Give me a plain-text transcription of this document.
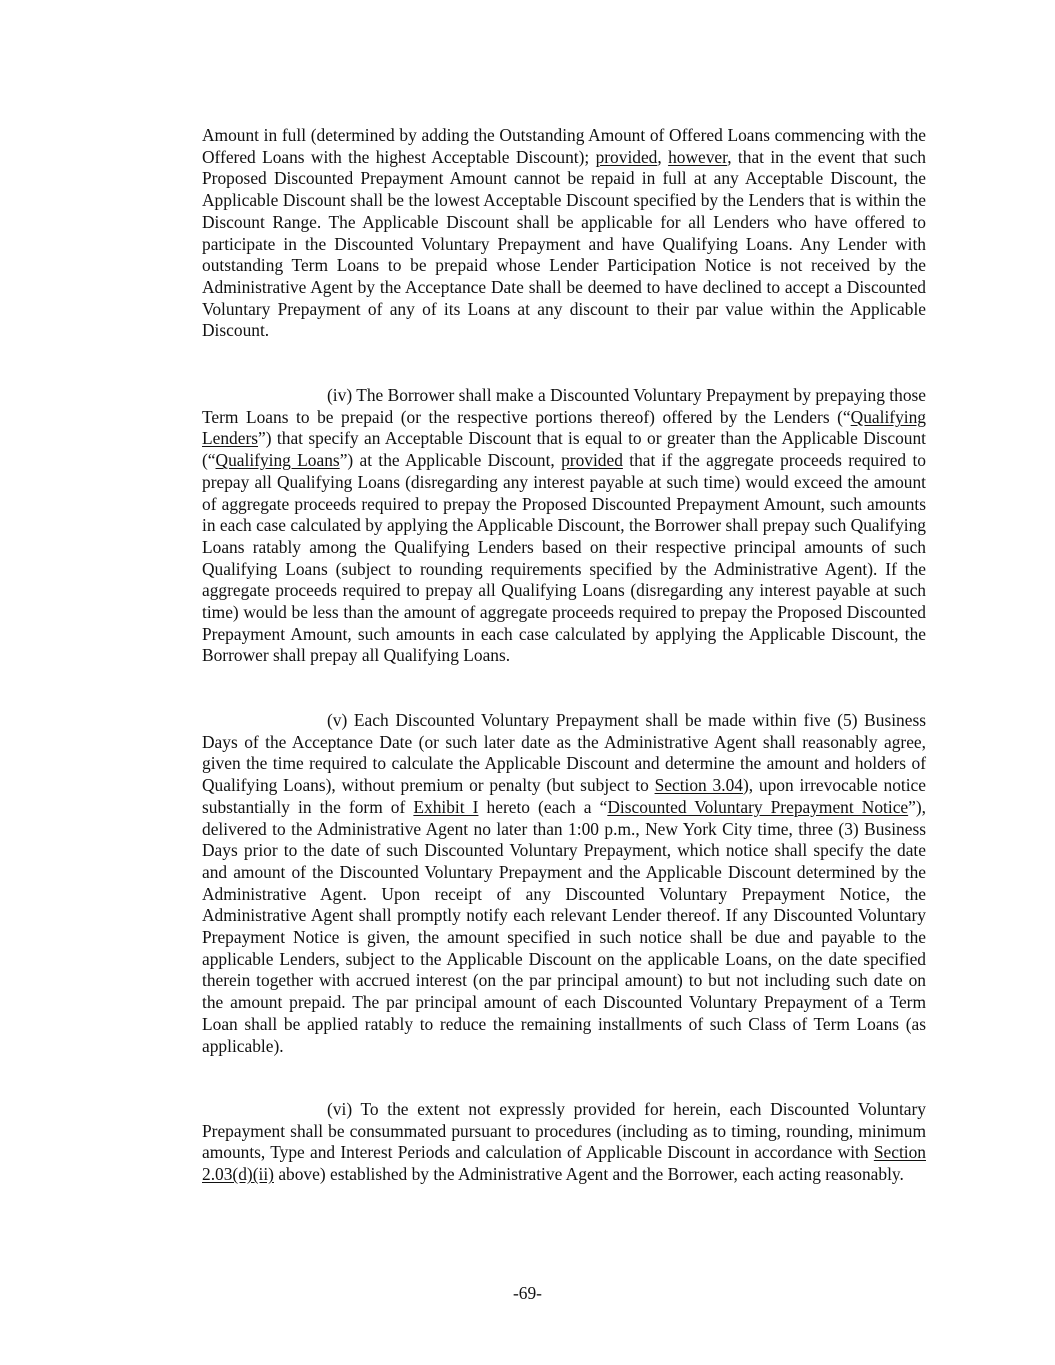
Amount in full (determined by adding the Outstanding Amount of Offered Loans commencing with the Offered Loans with the highest Acceptable Discount); provided, however, that in the event that such Proposed Discounted Prepayment Amount cannot be repaid in full at any Acceptable Discount, the Applicable Discount shall be the lowest Acceptable Discount specified by the Lenders that is within the Discount Range. The Applicable Discount shall be applicable for all Lenders who have offered to participate in the Discounted Voluntary Prepayment and have Qualifying Loans. Any Lender with outstanding Term Loans to be prepaid whose Lender Participation Notice is not received by the Administrative Agent by the Acceptance Date shall be deemed to have declined to accept a Discounted Voluntary Prepayment of any of its Loans at any discount to their par value within the Applicable Discount.

(iv) The Borrower shall make a Discounted Voluntary Prepayment by prepaying those Term Loans to be prepaid (or the respective portions thereof) offered by the Lenders (“Qualifying Lenders”) that specify an Acceptable Discount that is equal to or greater than the Applicable Discount (“Qualifying Loans”) at the Applicable Discount, provided that if the aggregate proceeds required to prepay all Qualifying Loans (disregarding any interest payable at such time) would exceed the amount of aggregate proceeds required to prepay the Proposed Discounted Prepayment Amount, such amounts in each case calculated by applying the Applicable Discount, the Borrower shall prepay such Qualifying Loans ratably among the Qualifying Lenders based on their respective principal amounts of such Qualifying Loans (subject to rounding requirements specified by the Administrative Agent). If the aggregate proceeds required to prepay all Qualifying Loans (disregarding any interest payable at such time) would be less than the amount of aggregate proceeds required to prepay the Proposed Discounted Prepayment Amount, such amounts in each case calculated by applying the Applicable Discount, the Borrower shall prepay all Qualifying Loans.

(v) Each Discounted Voluntary Prepayment shall be made within five (5) Business Days of the Acceptance Date (or such later date as the Administrative Agent shall reasonably agree, given the time required to calculate the Applicable Discount and determine the amount and holders of Qualifying Loans), without premium or penalty (but subject to Section 3.04), upon irrevocable notice substantially in the form of Exhibit I hereto (each a “Discounted Voluntary Prepayment Notice”), delivered to the Administrative Agent no later than 1:00 p.m., New York City time, three (3) Business Days prior to the date of such Discounted Voluntary Prepayment, which notice shall specify the date and amount of the Discounted Voluntary Prepayment and the Applicable Discount determined by the Administrative Agent. Upon receipt of any Discounted Voluntary Prepayment Notice, the Administrative Agent shall promptly notify each relevant Lender thereof. If any Discounted Voluntary Prepayment Notice is given, the amount specified in such notice shall be due and payable to the applicable Lenders, subject to the Applicable Discount on the applicable Loans, on the date specified therein together with accrued interest (on the par principal amount) to but not including such date on the amount prepaid. The par principal amount of each Discounted Voluntary Prepayment of a Term Loan shall be applied ratably to reduce the remaining installments of such Class of Term Loans (as applicable).

(vi) To the extent not expressly provided for herein, each Discounted Voluntary Prepayment shall be consummated pursuant to procedures (including as to timing, rounding, minimum amounts, Type and Interest Periods and calculation of Applicable Discount in accordance with Section 2.03(d)(ii) above) established by the Administrative Agent and the Borrower, each acting reasonably.

-69-
